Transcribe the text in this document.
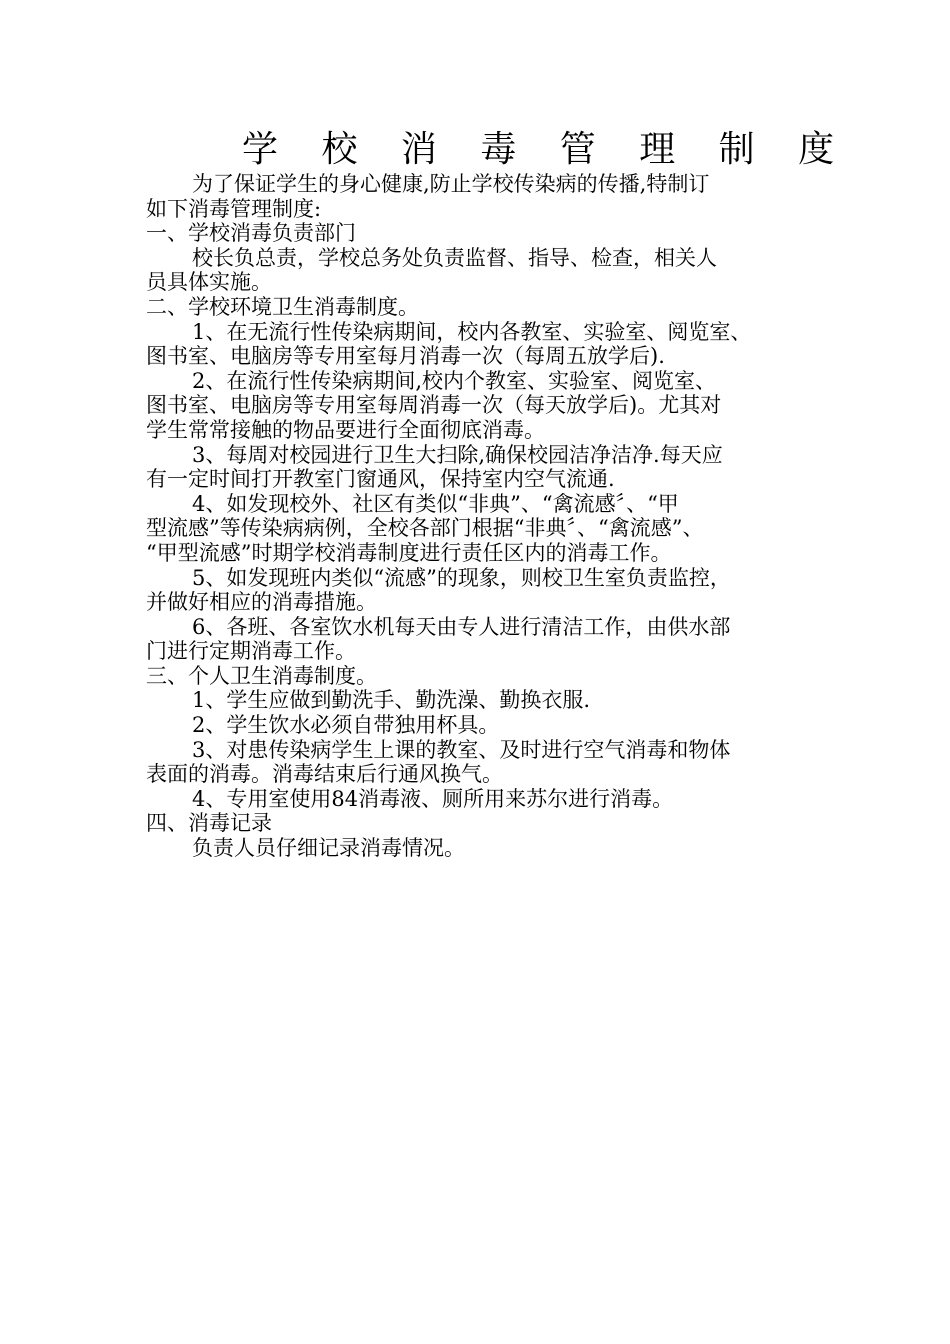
学 校 消 毒 管 理 制 度
为了保证学生的身心健康,防止学校传染病的传播,特制订
如下消毒管理制度:
一、学校消毒负责部门
校长负总责，学校总务处负责监督、指导、检查，相关人
员具体实施。
二、学校环境卫生消毒制度。
1、在无流行性传染病期间，校内各教室、实验室、阅览室、
图书室、电脑房等专用室每月消毒一次（每周五放学后).
2、在流行性传染病期间,校内个教室、实验室、阅览室、
图书室、电脑房等专用室每周消毒一次（每天放学后)。尤其对
学生常常接触的物品要进行全面彻底消毒。
3、每周对校园进行卫生大扫除,确保校园洁净洁净.每天应
有一定时间打开教室门窗通风，保持室内空气流通.
4、如发现校外、社区有类似“非典”、“禽流感〞、“甲
型流感”等传染病病例，全校各部门根据“非典〞、“禽流感”、
“甲型流感”时期学校消毒制度进行责任区内的消毒工作。
5、如发现班内类似“流感”的现象，则校卫生室负责监控，
并做好相应的消毒措施。
6、各班、各室饮水机每天由专人进行清洁工作，由供水部
门进行定期消毒工作。
三、个人卫生消毒制度。
1、学生应做到勤洗手、勤洗澡、勤换衣服.
2、学生饮水必须自带独用杯具。
3、对患传染病学生上课的教室、及时进行空气消毒和物体
表面的消毒。消毒结束后行通风换气。
4、专用室使用84消毒液、厕所用来苏尔进行消毒。
四、消毒记录
负责人员仔细记录消毒情况。
